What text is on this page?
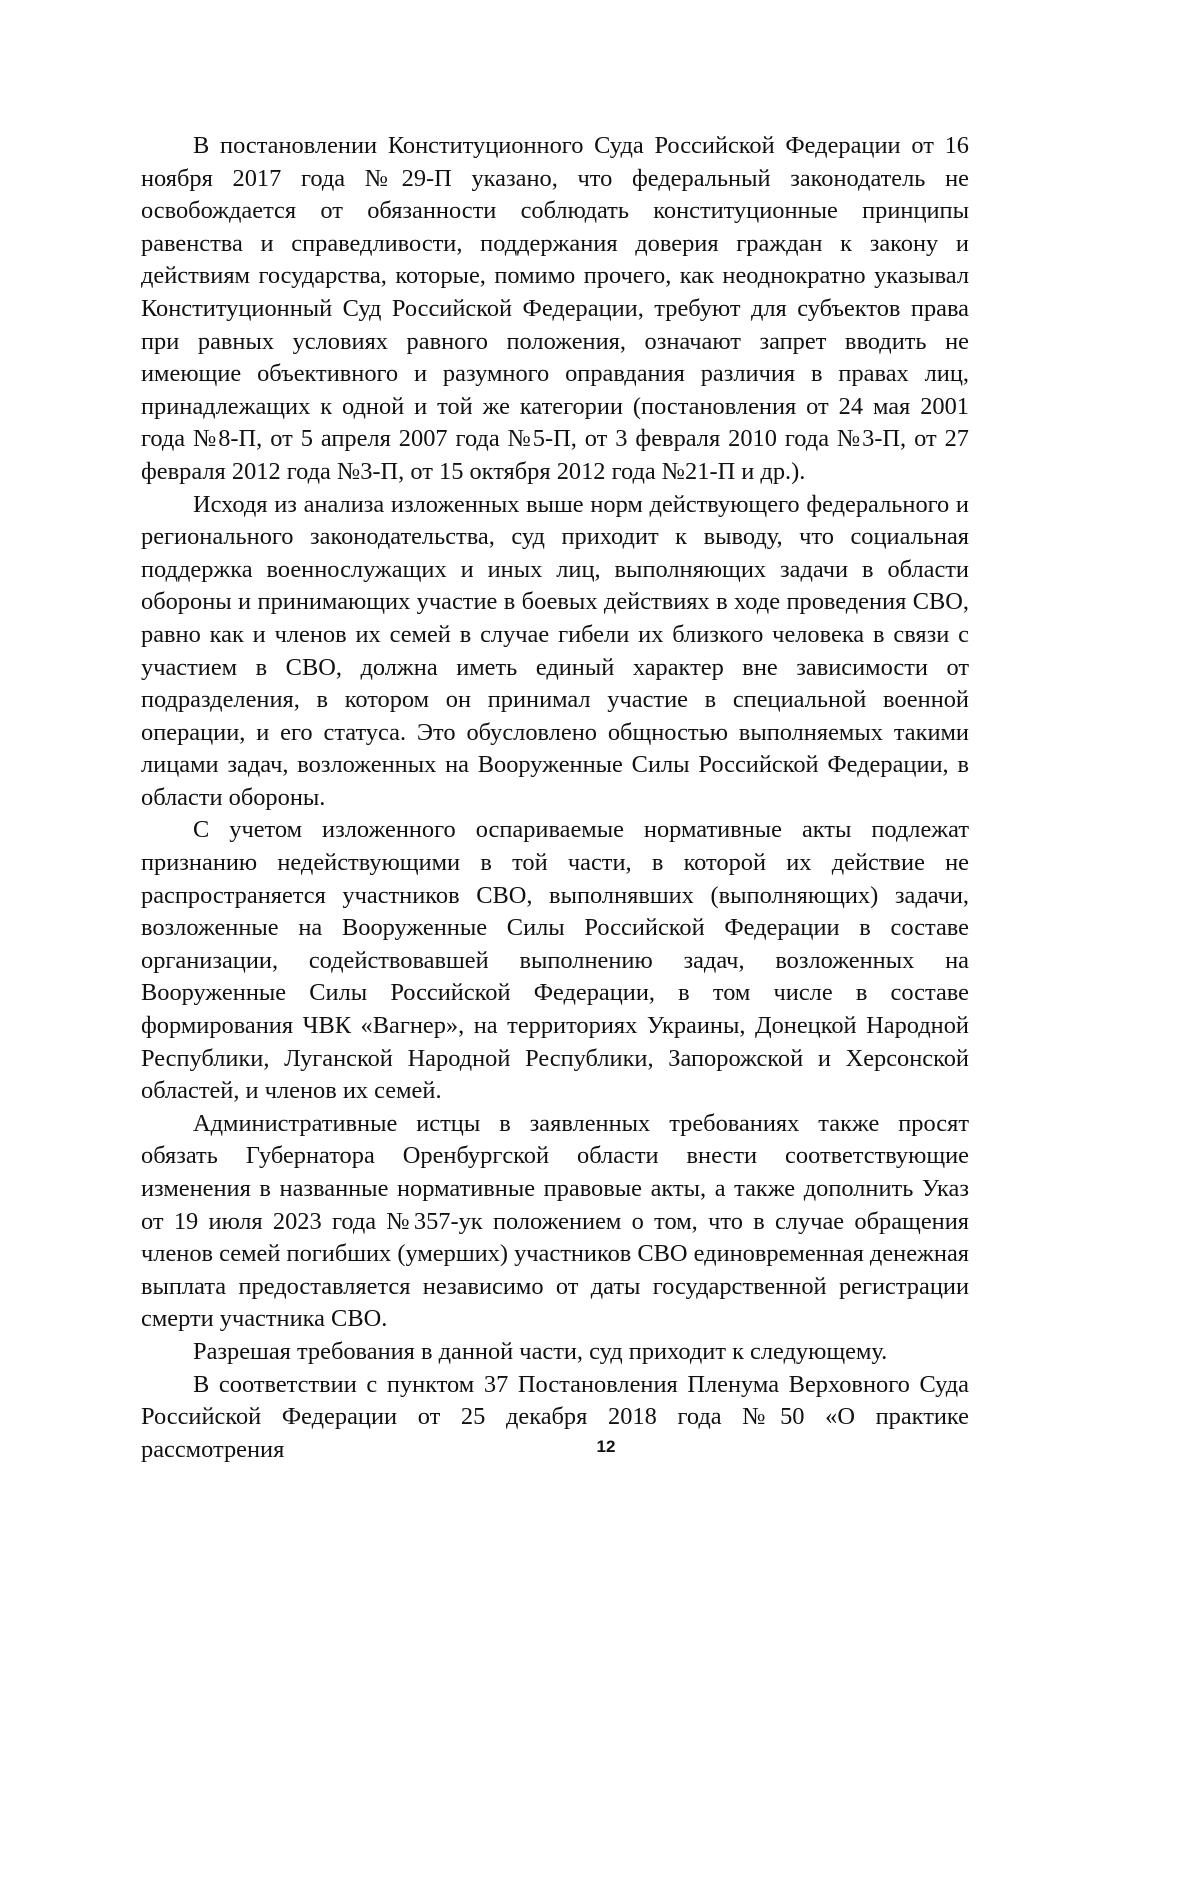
В постановлении Конституционного Суда Российской Федерации от 16 ноября 2017 года №29-П указано, что федеральный законодатель не освобождается от обязанности соблюдать конституционные принципы равенства и справедливости, поддержания доверия граждан к закону и действиям государства, которые, помимо прочего, как неоднократно указывал Конституционный Суд Российской Федерации, требуют для субъектов права при равных условиях равного положения, означают запрет вводить не имеющие объективного и разумного оправдания различия в правах лиц, принадлежащих к одной и той же категории (постановления от 24 мая 2001 года №8-П, от 5 апреля 2007 года №5-П, от 3 февраля 2010 года №3-П, от 27 февраля 2012 года №3-П, от 15 октября 2012 года №21-П и др.).

Исходя из анализа изложенных выше норм действующего федерального и регионального законодательства, суд приходит к выводу, что социальная поддержка военнослужащих и иных лиц, выполняющих задачи в области обороны и принимающих участие в боевых действиях в ходе проведения СВО, равно как и членов их семей в случае гибели их близкого человека в связи с участием в СВО, должна иметь единый характер вне зависимости от подразделения, в котором он принимал участие в специальной военной операции, и его статуса. Это обусловлено общностью выполняемых такими лицами задач, возложенных на Вооруженные Силы Российской Федерации, в области обороны.

С учетом изложенного оспариваемые нормативные акты подлежат признанию недействующими в той части, в которой их действие не распространяется участников СВО, выполнявших (выполняющих) задачи, возложенные на Вооруженные Силы Российской Федерации в составе организации, содействовавшей выполнению задач, возложенных на Вооруженные Силы Российской Федерации, в том числе в составе формирования ЧВК «Вагнер», на территориях Украины, Донецкой Народной Республики, Луганской Народной Республики, Запорожской и Херсонской областей, и членов их семей.

Административные истцы в заявленных требованиях также просят обязать Губернатора Оренбургской области внести соответствующие изменения в названные нормативные правовые акты, а также дополнить Указ от 19 июля 2023 года №357-ук положением о том, что в случае обращения членов семей погибших (умерших) участников СВО единовременная денежная выплата предоставляется независимо от даты государственной регистрации смерти участника СВО.

Разрешая требования в данной части, суд приходит к следующему.

В соответствии с пунктом 37 Постановления Пленума Верховного Суда Российской Федерации от 25 декабря 2018 года №50 «О практике рассмотрения	12
